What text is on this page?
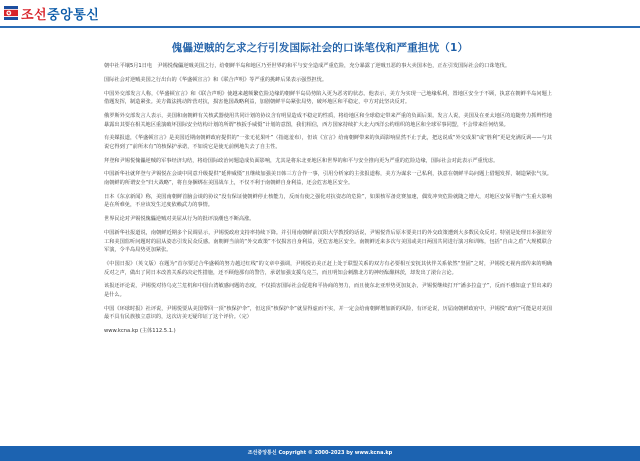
조선 중앙통신
傀儡逆贼的乞求之行引发国际社会的口诛笔伐和严重担忧（1）

朝中社平壤5月1日电　尹锡悦傀儡逆贼美国之行，给朝鲜半岛和地区乃至世界的和平与安全造成严重危险，充分暴露了逆贼丑恶的事大卖国本色，正在引发国际社会的口诛笔伐。

国际社会对逆贼美国之行出台的《华盛顿宣言》和《联合声明》等严重的挑衅后果表示强烈担忧。

中国外交部发言人称，《华盛顿宣言》和《联合声明》使越来越频繁危险边缘的朝鲜半岛局势陷入更为恶劣的状态。他表示，美方为实现一己地缘私利，置地区安全于不顾，执意在朝鲜半岛问题上借题发挥，制造紧张。美方做法挑动阵营对抗，损害他国战略利益，加剧朝鲜半岛紧张局势，破坏地区和平稳定，中方对此坚决反对。

俄罗斯外交部发言人表示，美国和南朝鲜有关核武器使用共同计划的协议含有明显造成不稳定的性质，将给地区和全球稳定带来严重的负面后果。发言人说，美国及在亚太地区的追随势力抓辫性地暴露出其要在相关地区重演破坏国际安全结构计划的所谓“核扳手威慑”计划的意图，我们相信，西方国家持续扩大北大西洋公约组织的地区和全球军事同盟，不会带来任何结果。

有美媒报道，《华盛顿宣言》是美国近期南朝鲜政府提供的“一张无花果叶”（指遮羞布），但该《宣言》给南朝鲜带来的负面影响显然不止于此，把这说成“外交成果”或“胜利”更是充满反讽——与其说它得到了“前所未有”的核保护承诺，不如说它是使无前例地失去了自主性。

拜登和尹锡悦傀儡逆贼的军事经济勾结，将给国际政治问题造成负面影响，尤其是将东北亚地区和世界的和平与安全推向更为严重的危险边缘，国际社会对此表示严重忧虑。

中国新华社就拜登与尹锡悦在会谈中同意升级提供“延伸威慑”且继续加强美日韩三方合作一事，引用分析家的主张报道称，美方为谋求一己私利，执意在朝鲜半岛问题上借题发挥，制造紧张气氛。南朝鲜的所谓安全“归大战略”，将自身捆绑在美国战车上，不仅不利于南朝鲜自身利益，还会危害地区安全。

日本《东京新闻》称，美国南朝鲜首脑会谈的协议“没有保证使朝鲜停止核能力，反而有使之强化对抗姿态的危险”，如果核军备竞赛加速，偶发冲突危险就随之增大，对地区安保平衡产生重大影响是在所难免，不应该发生过度依赖武力的事情。

世界民论对尹锡悦傀儡逆贼对美屈从行为的批评浪潮也不断高涨。

中国新华社报道说，南朝鲜近期多个民调显示，尹锡悦政府支持率持续下降。并引用南朝鲜前汉阳大学教授的话说，尹锡悦背后原本要美日的外交政策遭到大多数民众反对。特别是处理日本强征劳工和美国监听问题时的屈从姿态引发民众反感。南朝鲜当前的“外交政策”不仅损害自身利益，更危害地区安全。南朝鲜近来多次与美国或美日两国共同进行演习和训练，包括“自由之盾”大规模联合军演，令半岛局势更加紧张。

《中国日报》（英文版）在题为“首尔要过合华盛顿的努力越过红线”的文章中强调，尹锡悦访美正赶上处于联盟关系的双方有必要相互安抚其伙伴关系依然“坚固”之时，尹锡悦无视内部传来的明确反对之声，做出了同日本改善关系的决定性措施，还不顾他那有的警告，承诺加强支援乌克兰，而且明知会刺激北方的神经酝酿林茨，却发出了滚台言论。

该报还评论说，尹锡悦对待乌克兰危机和中国台湾敏感问题的态度，不仅损害国际社会促进和平协商的努力，而且使东北亚形势更加复杂，尹锡悦继续打开“潘多拉盒子”，反而不感知盒子里出来的是什么。

中国《环球时报》社评说，尹锡悦要从美国带回一顶“核保护伞”，但这顶“核保护伞”就显得虚而不实，并一定会给南朝鲜增加新的风险，有评论说，历届南朝鲜政府中，尹锡悦“政府”可能是对美国最不具有民族独立意识的，这次访美无疑印证了这个评价。（完）

www.kcna.kp (主体112.5.1.)
조선중앙통신 Copyright © 2000-2023 by www.kcna.kp
